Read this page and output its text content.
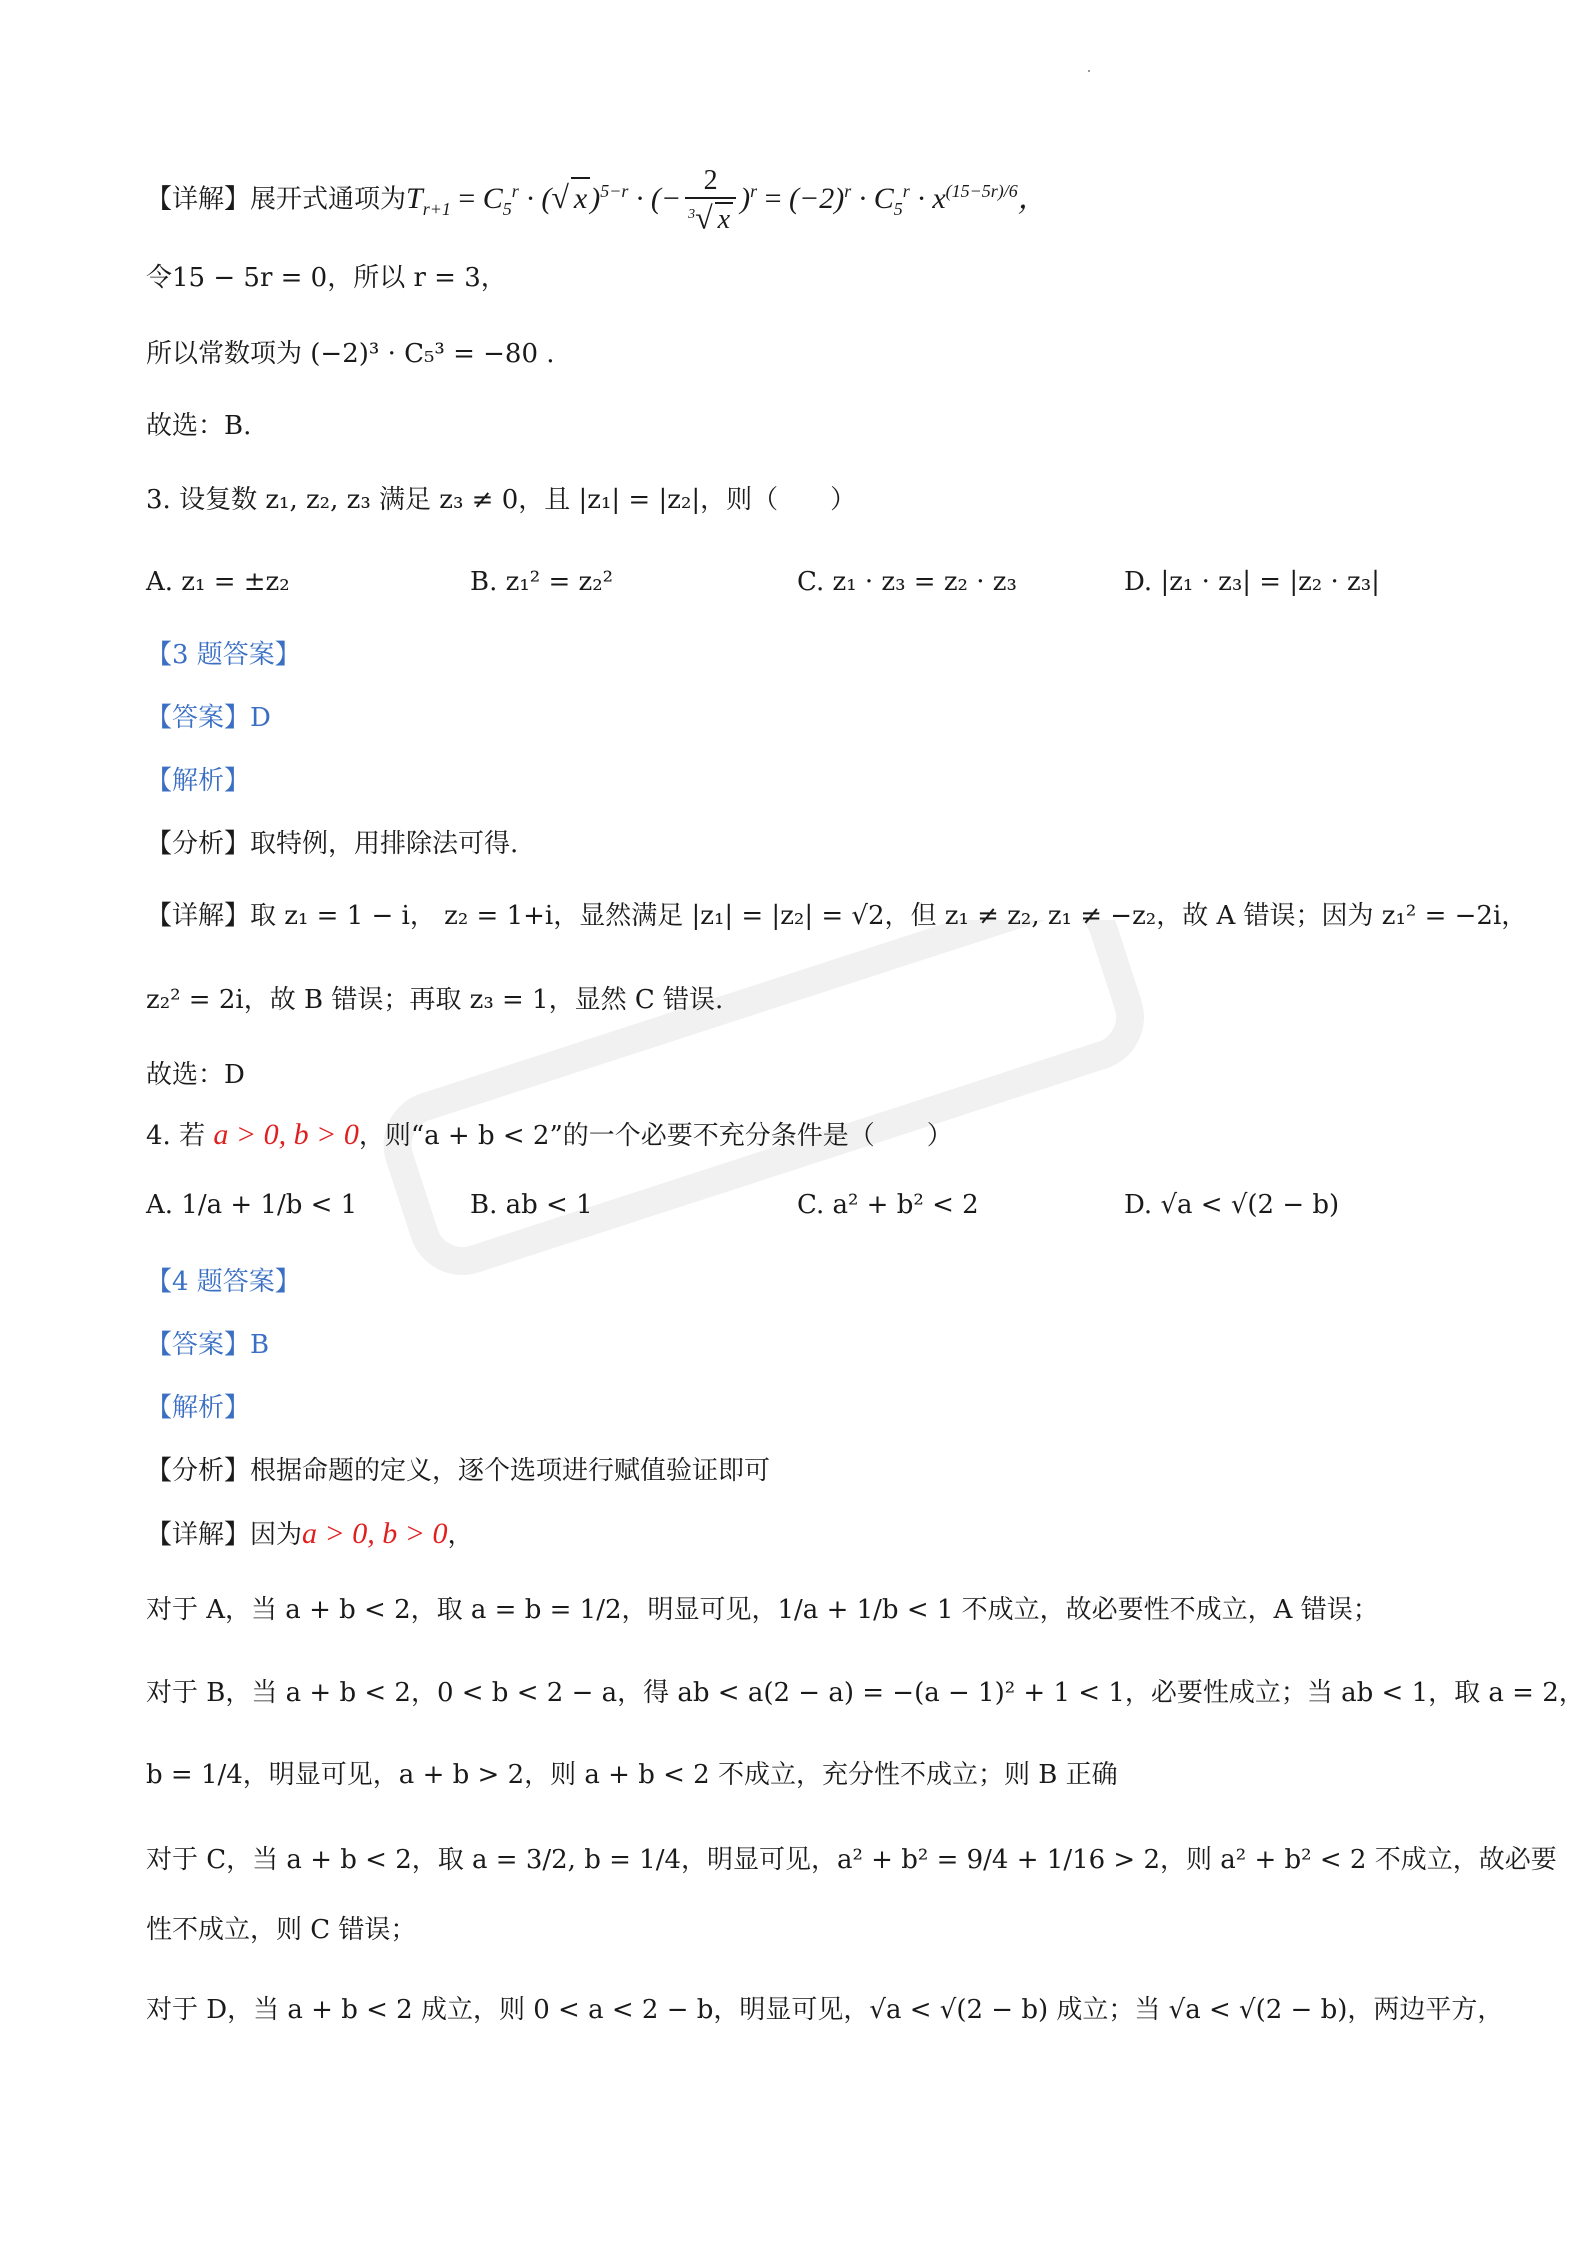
【详解】展开式通项为$T_{r+1} = C_5^r$ · (√ x )$^{5-r}$ · (− $\frac{2}{^3√ x} )^r = (-2)^r \cdot C_5^r \cdot x^{(15-5r)/6}$，
令15 − 5r = 0，所以 r = 3，
所以常数项为 (−2)³ · C₅³ = −80 .
故选：B.
3. 设复数 z₁, z₂, z₃ 满足 z₃ ≠ 0，且 |z₁| = |z₂|，则（　　）
A. z₁ = ±z₂	B. z₁² = z₂²	C. z₁ · z₃ = z₂ · z₃	D. |z₁ · z₃| = |z₂ · z₃|
【3 题答案】
【答案】D
【解析】
【分析】取特例，用排除法可得.
【详解】取 z₁ = 1 − i， z₂ = 1+i，显然满足 |z₁| = |z₂| = √2，但 z₁ ≠ z₂, z₁ ≠ −z₂，故 A 错误；因为 z₁² = −2i，
z₂² = 2i，故 B 错误；再取 z₃ = 1，显然 C 错误.
故选：D
4. 若 a > 0, b > 0，则“a + b < 2”的一个必要不充分条件是（　　）
A. 1/a + 1/b < 1	B. ab < 1	C. a² + b² < 2	D. √a < √(2 − b)
【4 题答案】
【答案】B
【解析】
【分析】根据命题的定义，逐个选项进行赋值验证即可
【详解】因为a > 0, b > 0，
对于 A，当 a + b < 2，取 a = b = 1/2，明显可见，1/a + 1/b < 1 不成立，故必要性不成立，A 错误；
对于 B，当 a + b < 2，0 < b < 2 − a，得 ab < a(2 − a) = −(a − 1)² + 1 < 1，必要性成立；当 ab < 1，取 a = 2，
b = 1/4，明显可见，a + b > 2，则 a + b < 2 不成立，充分性不成立；则 B 正确
对于 C，当 a + b < 2，取 a = 3/2, b = 1/4，明显可见，a² + b² = 9/4 + 1/16 > 2，则 a² + b² < 2 不成立，故必要
性不成立，则 C 错误；
对于 D，当 a + b < 2 成立，则 0 < a < 2 − b，明显可见，√a < √(2 − b) 成立；当 √a < √(2 − b)，两边平方，
